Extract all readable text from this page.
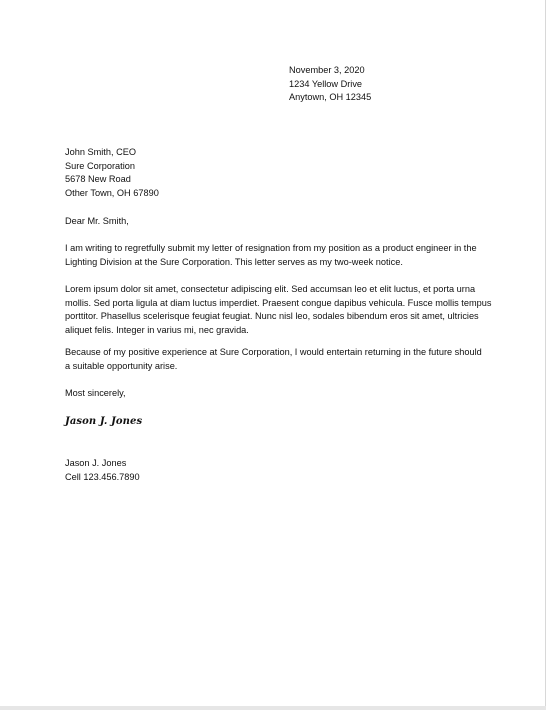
November 3, 2020
1234 Yellow Drive
Anytown, OH 12345
John Smith, CEO
Sure Corporation
5678 New Road
Other Town, OH 67890
Dear Mr. Smith,
I am writing to regretfully submit my letter of resignation from my position as a product engineer in the
Lighting Division at the Sure Corporation. This letter serves as my two-week notice.
Lorem ipsum dolor sit amet, consectetur adipiscing elit. Sed accumsan leo et elit luctus, et porta urna
mollis. Sed porta ligula at diam luctus imperdiet. Praesent congue dapibus vehicula. Fusce mollis tempus
porttitor. Phasellus scelerisque feugiat feugiat. Nunc nisl leo, sodales bibendum eros sit amet, ultricies
aliquet felis. Integer in varius mi, nec gravida.
Because of my positive experience at Sure Corporation, I would entertain returning in the future should
a suitable opportunity arise.
Most sincerely,
Jason J. Jones
Jason J. Jones
Cell 123.456.7890
